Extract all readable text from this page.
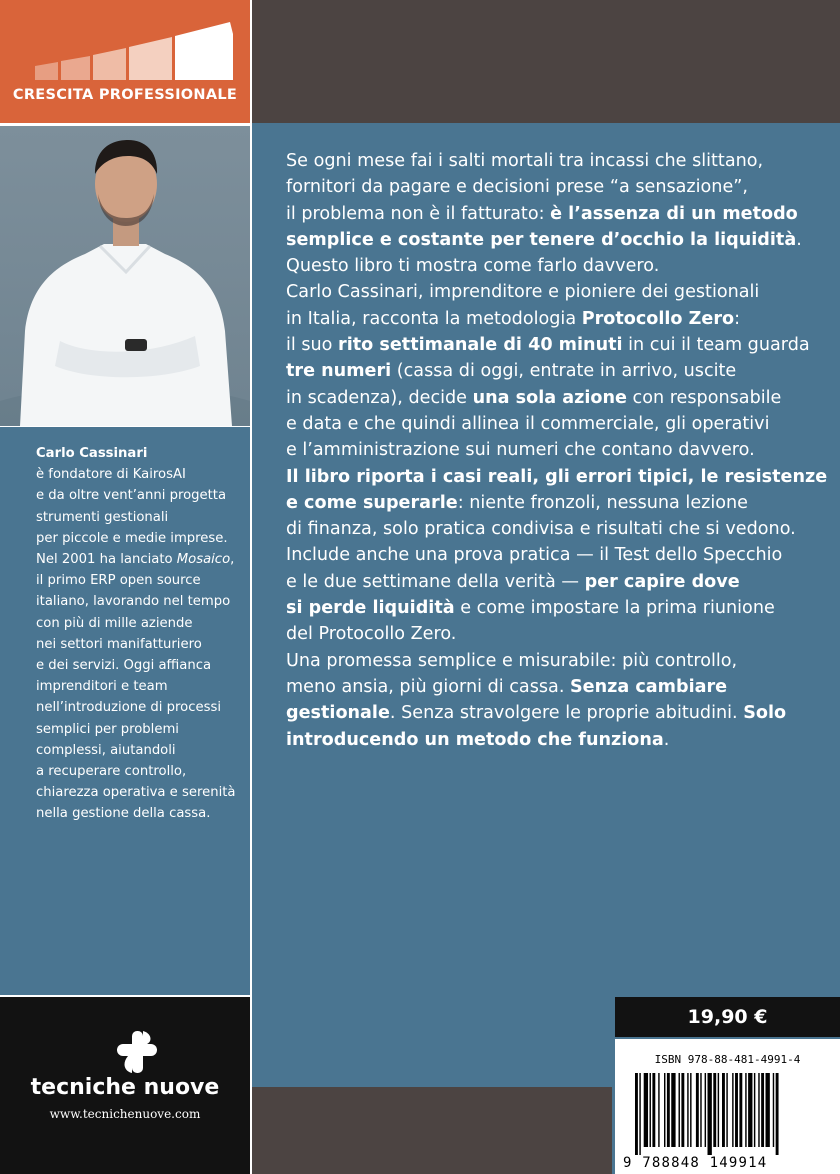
CRESCITA PROFESSIONALE
Carlo Cassinari
è fondatore di KairosAI
e da oltre vent’anni progetta
strumenti gestionali
per piccole e medie imprese.
Nel 2001 ha lanciato Mosaico,
il primo ERP open source
italiano, lavorando nel tempo
con più di mille aziende
nei settori manifatturiero
e dei servizi. Oggi affianca
imprenditori e team
nell’introduzione di processi
semplici per problemi
complessi, aiutandoli
a recuperare controllo,
chiarezza operativa e serenità
nella gestione della cassa.
tecniche nuove
www.tecnichenuove.com
Se ogni mese fai i salti mortali tra incassi che slittano,
fornitori da pagare e decisioni prese “a sensazione”,
il problema non è il fatturato: è l’assenza di un metodo
semplice e costante per tenere d’occhio la liquidità.
Questo libro ti mostra come farlo davvero.
Carlo Cassinari, imprenditore e pioniere dei gestionali
in Italia, racconta la metodologia Protocollo Zero:
il suo rito settimanale di 40 minuti in cui il team guarda
tre numeri (cassa di oggi, entrate in arrivo, uscite
in scadenza), decide una sola azione con responsabile
e data e che quindi allinea il commerciale, gli operativi
e l’amministrazione sui numeri che contano davvero.
Il libro riporta i casi reali, gli errori tipici, le resistenze
e come superarle: niente fronzoli, nessuna lezione
di finanza, solo pratica condivisa e risultati che si vedono.
Include anche una prova pratica — il Test dello Specchio
e le due settimane della verità — per capire dove
si perde liquidità e come impostare la prima riunione
del Protocollo Zero.
Una promessa semplice e misurabile: più controllo,
meno ansia, più giorni di cassa. Senza cambiare
gestionale. Senza stravolgere le proprie abitudini. Solo
introducendo un metodo che funziona.
19,90 €
ISBN 978-88-481-4991-4
9 788848 149914
